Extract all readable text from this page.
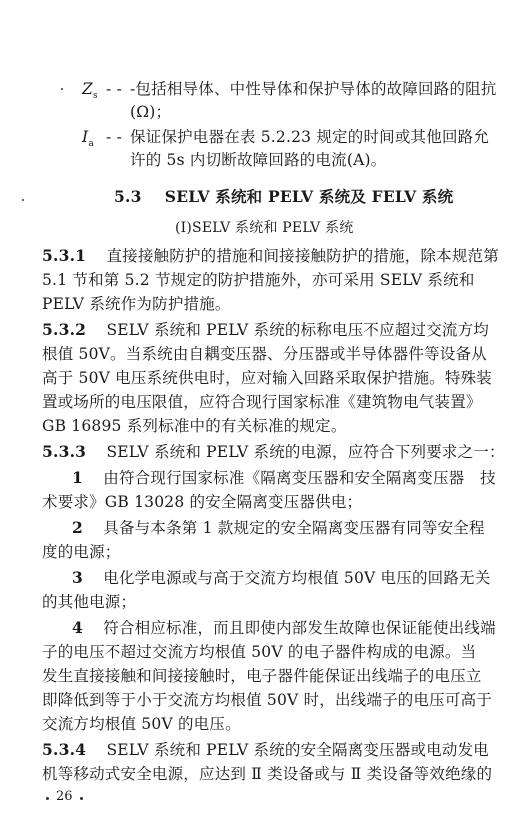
$Z_s$ - - -包括相导体、中性导体和保护导体的故障回路的阻抗
(Ω)；
$I_a$ - - 保证保护电器在表 5.2.23 规定的时间或其他回路允
许的 5s 内切断故障回路的电流(A)。
5.3 SELV 系统和 PELV 系统及 FELV 系统
(Ⅰ)SELV 系统和 PELV 系统
5.3.1 直接接触防护的措施和间接接触防护的措施，除本规范第
5.1 节和第 5.2 节规定的防护措施外，亦可采用 SELV 系统和
PELV 系统作为防护措施。
5.3.2 SELV 系统和 PELV 系统的标称电压不应超过交流方均
根值 50V。当系统由自耦变压器、分压器或半导体器件等设备从
高于 50V 电压系统供电时，应对输入回路采取保护措施。特殊装
置或场所的电压限值，应符合现行国家标准《建筑物电气装置》
GB 16895 系列标准中的有关标准的规定。
5.3.3 SELV 系统和 PELV 系统的电源，应符合下列要求之一：
1 由符合现行国家标准《隔离变压器和安全隔离变压器　技
术要求》GB 13028 的安全隔离变压器供电；
2 具备与本条第 1 款规定的安全隔离变压器有同等安全程
度的电源；
3 电化学电源或与高于交流方均根值 50V 电压的回路无关
的其他电源；
4 符合相应标准，而且即使内部发生故障也保证能使出线端
子的电压不超过交流方均根值 50V 的电子器件构成的电源。当
发生直接接触和间接接触时，电子器件能保证出线端子的电压立
即降低到等于小于交流方均根值 50V 时，出线端子的电压可高于
交流方均根值 50V 的电压。
5.3.4 SELV 系统和 PELV 系统的安全隔离变压器或电动发电
机等移动式安全电源，应达到 Ⅱ 类设备或与 Ⅱ 类设备等效绝缘的
26
